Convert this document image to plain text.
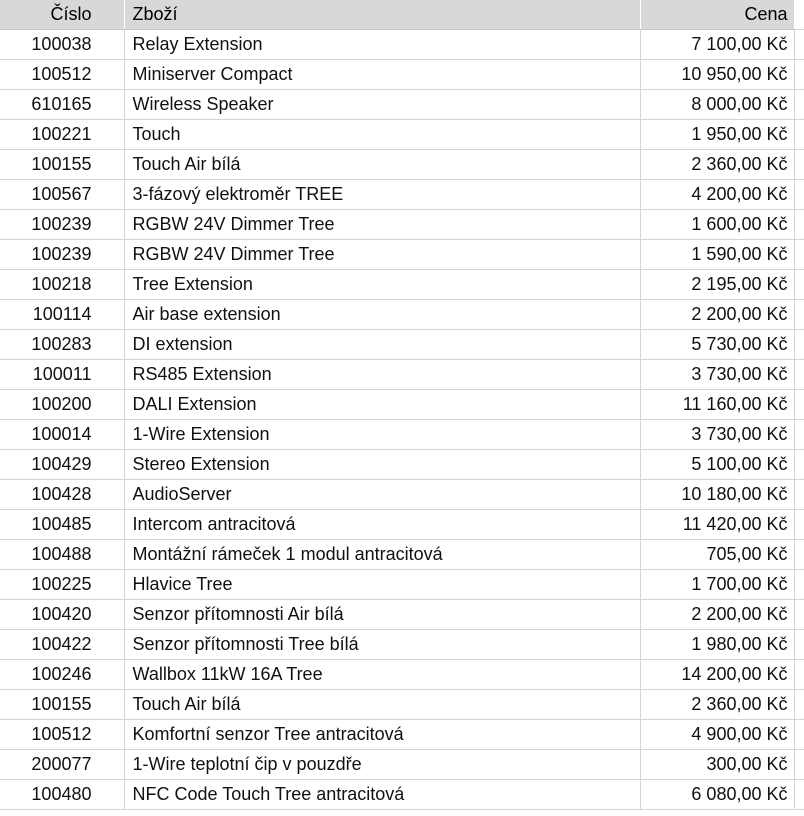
Číslo	Zboží	Cena	
100038	Relay Extension	7 100,00 Kč	
100512	Miniserver Compact	10 950,00 Kč	
610165	Wireless Speaker	8 000,00 Kč	
100221	Touch	1 950,00 Kč	
100155	Touch Air bílá	2 360,00 Kč	
100567	3-fázový elektroměr TREE	4 200,00 Kč	
100239	RGBW 24V Dimmer Tree	1 600,00 Kč	
100239	RGBW 24V Dimmer Tree	1 590,00 Kč	
100218	Tree Extension	2 195,00 Kč	
100114	Air base extension	2 200,00 Kč	
100283	DI extension	5 730,00 Kč	
100011	RS485 Extension	3 730,00 Kč	
100200	DALI Extension	11 160,00 Kč	
100014	1-Wire Extension	3 730,00 Kč	
100429	Stereo Extension	5 100,00 Kč	
100428	AudioServer	10 180,00 Kč	
100485	Intercom antracitová	11 420,00 Kč	
100488	Montážní rámeček 1 modul antracitová	705,00 Kč	
100225	Hlavice Tree	1 700,00 Kč	
100420	Senzor přítomnosti Air bílá	2 200,00 Kč	
100422	Senzor přítomnosti Tree bílá	1 980,00 Kč	
100246	Wallbox 11kW 16A Tree	14 200,00 Kč	
100155	Touch Air bílá	2 360,00 Kč	
100512	Komfortní senzor Tree antracitová	4 900,00 Kč	
200077	1-Wire teplotní čip v pouzdře	300,00 Kč	
100480	NFC Code Touch Tree antracitová	6 080,00 Kč	
